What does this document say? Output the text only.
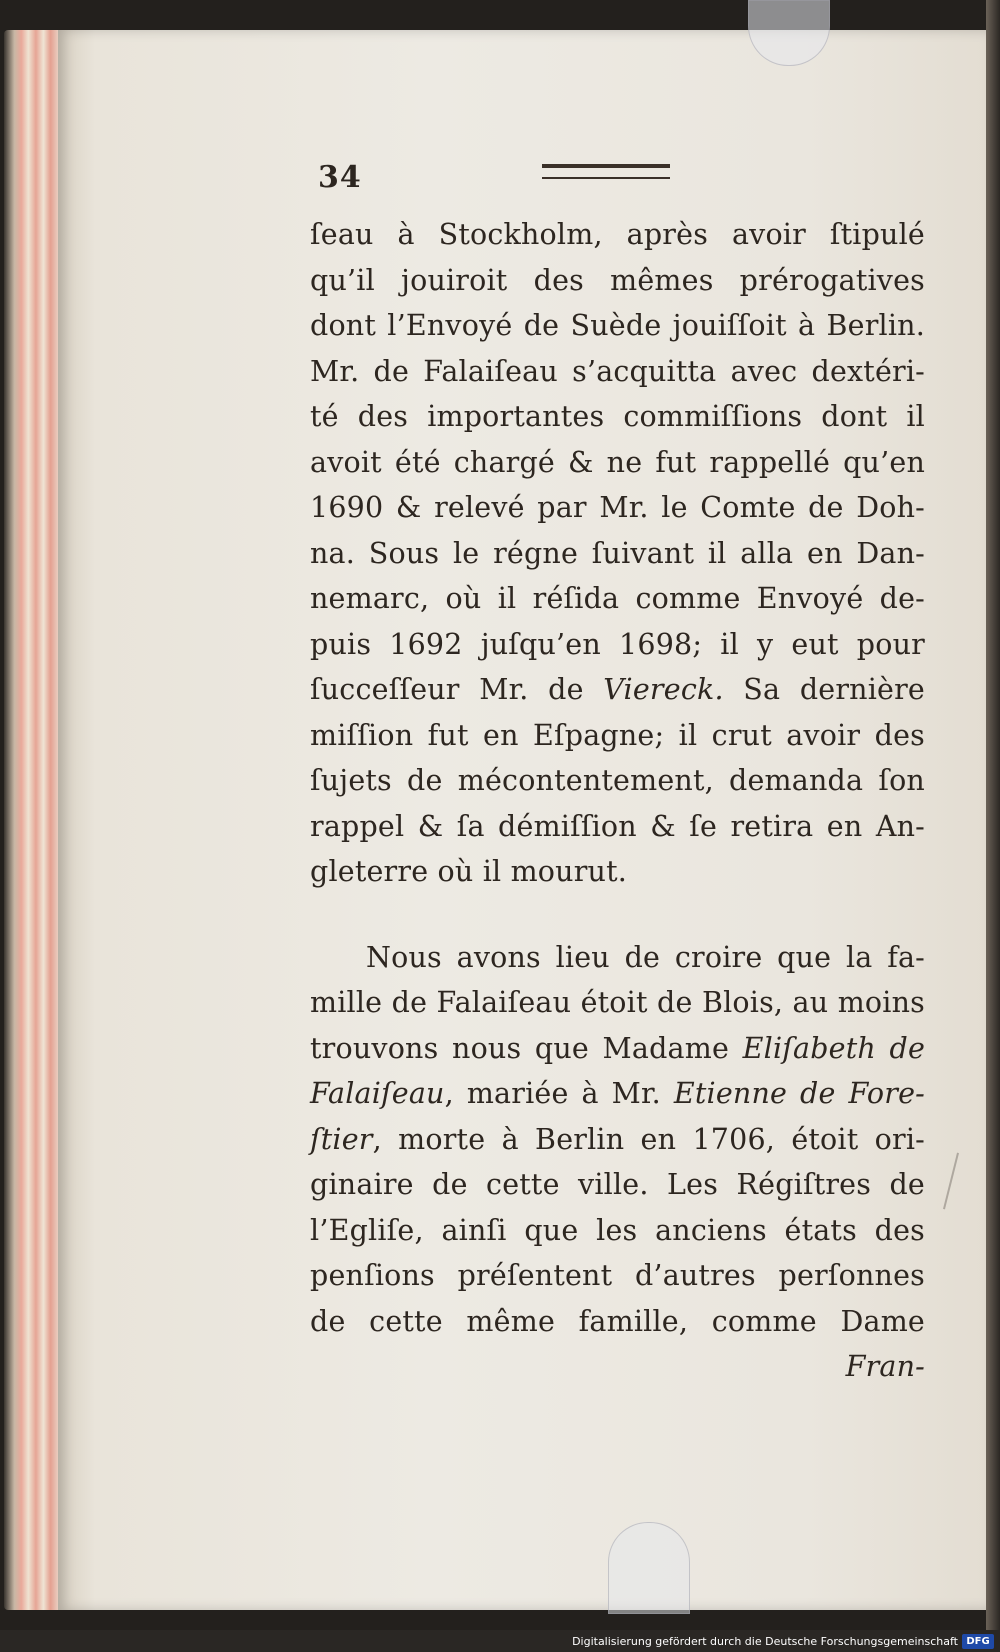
34
ſeau à Stockholm, après avoir ſtipulé
qu’il jouiroit des mêmes prérogatives
dont l’Envoyé de Suède jouiſſoit à Berlin.
Mr. de Falaiſeau s’acquitta avec dextéri-
té des importantes commiſſions dont il
avoit été chargé & ne fut rappellé qu’en
1690 & relevé par Mr. le Comte de Doh-
na. Sous le régne ſuivant il alla en Dan-
nemarc, où il réſida comme Envoyé de-
puis 1692 juſqu’en 1698; il y eut pour
ſucceſſeur Mr. de Viereck. Sa dernière
miſſion fut en Eſpagne; il crut avoir des
ſujets de mécontentement, demanda ſon
rappel & ſa démiſſion & ſe retira en An-
gleterre où il mourut.
Nous avons lieu de croire que la fa-
mille de Falaiſeau étoit de Blois, au moins
trouvons nous que Madame Eliſabeth de
Falaiſeau, mariée à Mr. Etienne de Fore-
ſtier, morte à Berlin en 1706, étoit ori-
ginaire de cette ville. Les Régiſtres de
l’Egliſe, ainſi que les anciens états des
penſions préſentent d’autres perſonnes
de cette même famille, comme Dame
Fran-
Digitalisierung gefördert durch die Deutsche Forschungsgemeinschaft DFG
